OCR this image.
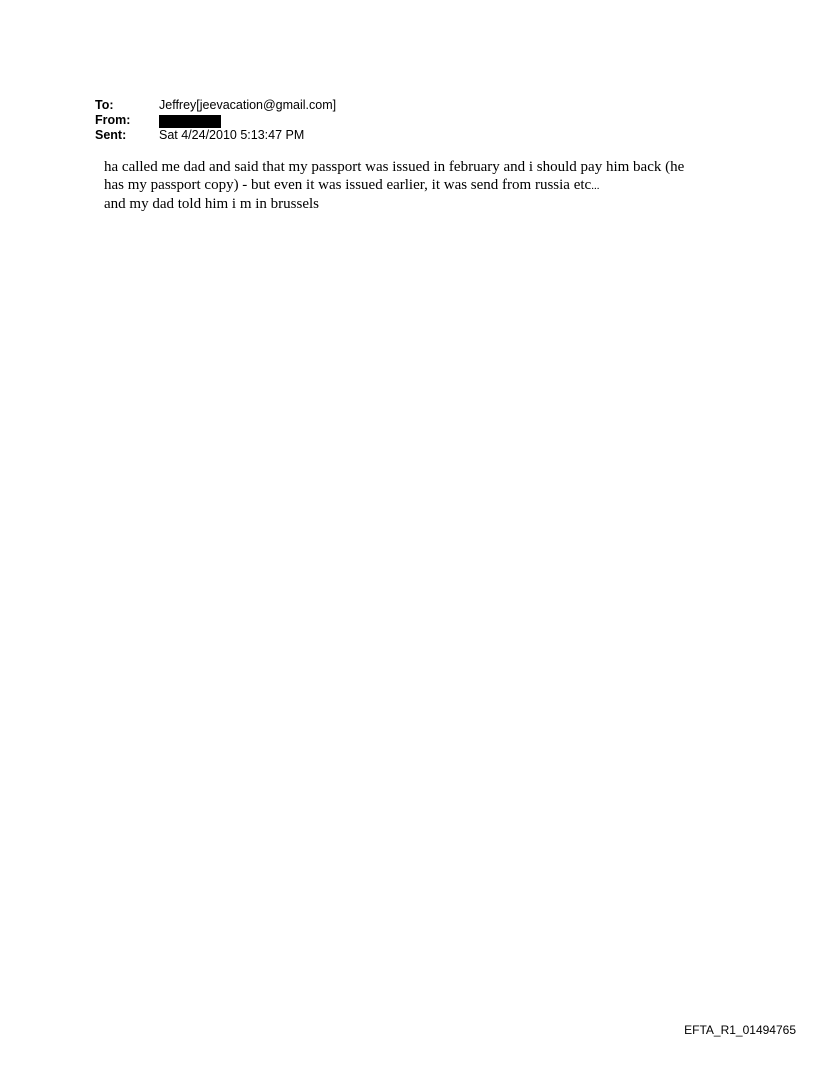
To:	Jeffrey[jeevacation@gmail.com]
From:
Sent:	Sat 4/24/2010 5:13:47 PM

ha called me dad and said that my passport was issued in february and i should pay him back (he

has my passport copy) - but even it was issued earlier, it was send from russia etc...

and my dad told him i m in brussels

EFTA_R1_01494765
